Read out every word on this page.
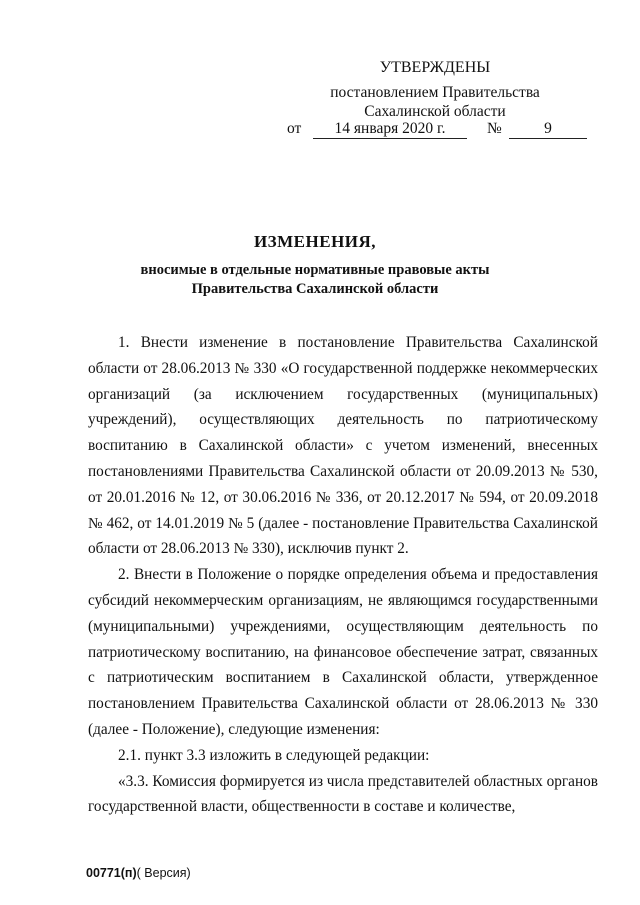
УТВЕРЖДЕНЫ
постановлением Правительства
Сахалинской области
от	14 января 2020 г.	№	9
ИЗМЕНЕНИЯ,
вносимые в отдельные нормативные правовые акты
Правительства Сахалинской области

1. Внести изменение в постановление Правительства Сахалинской области от 28.06.2013 № 330 «О государственной поддержке некоммерческих организаций (за исключением государственных (муниципальных) учреждений), осуществляющих деятельность по патриотическому воспитанию в Сахалинской области» с учетом изменений, внесенных постановлениями Правительства Сахалинской области от 20.09.2013 № 530, от 20.01.2016 № 12, от 30.06.2016 № 336, от 20.12.2017 № 594, от 20.09.2018 № 462, от 14.01.2019 № 5 (далее - постановление Правительства Сахалинской области от 28.06.2013 № 330), исключив пункт 2.

2. Внести в Положение о порядке определения объема и предоставления субсидий некоммерческим организациям, не являющимся государственными (муниципальными) учреждениями, осуществляющим деятельность по патриотическому воспитанию, на финансовое обеспечение затрат, связанных с патриотическим воспитанием в Сахалинской области, утвержденное постановлением Правительства Сахалинской области от 28.06.2013 № 330 (далее - Положение), следующие изменения:

2.1. пункт 3.3 изложить в следующей редакции:

«3.3. Комиссия формируется из числа представителей областных органов государственной власти, общественности в составе и количестве,

00771(п)( Версия)
